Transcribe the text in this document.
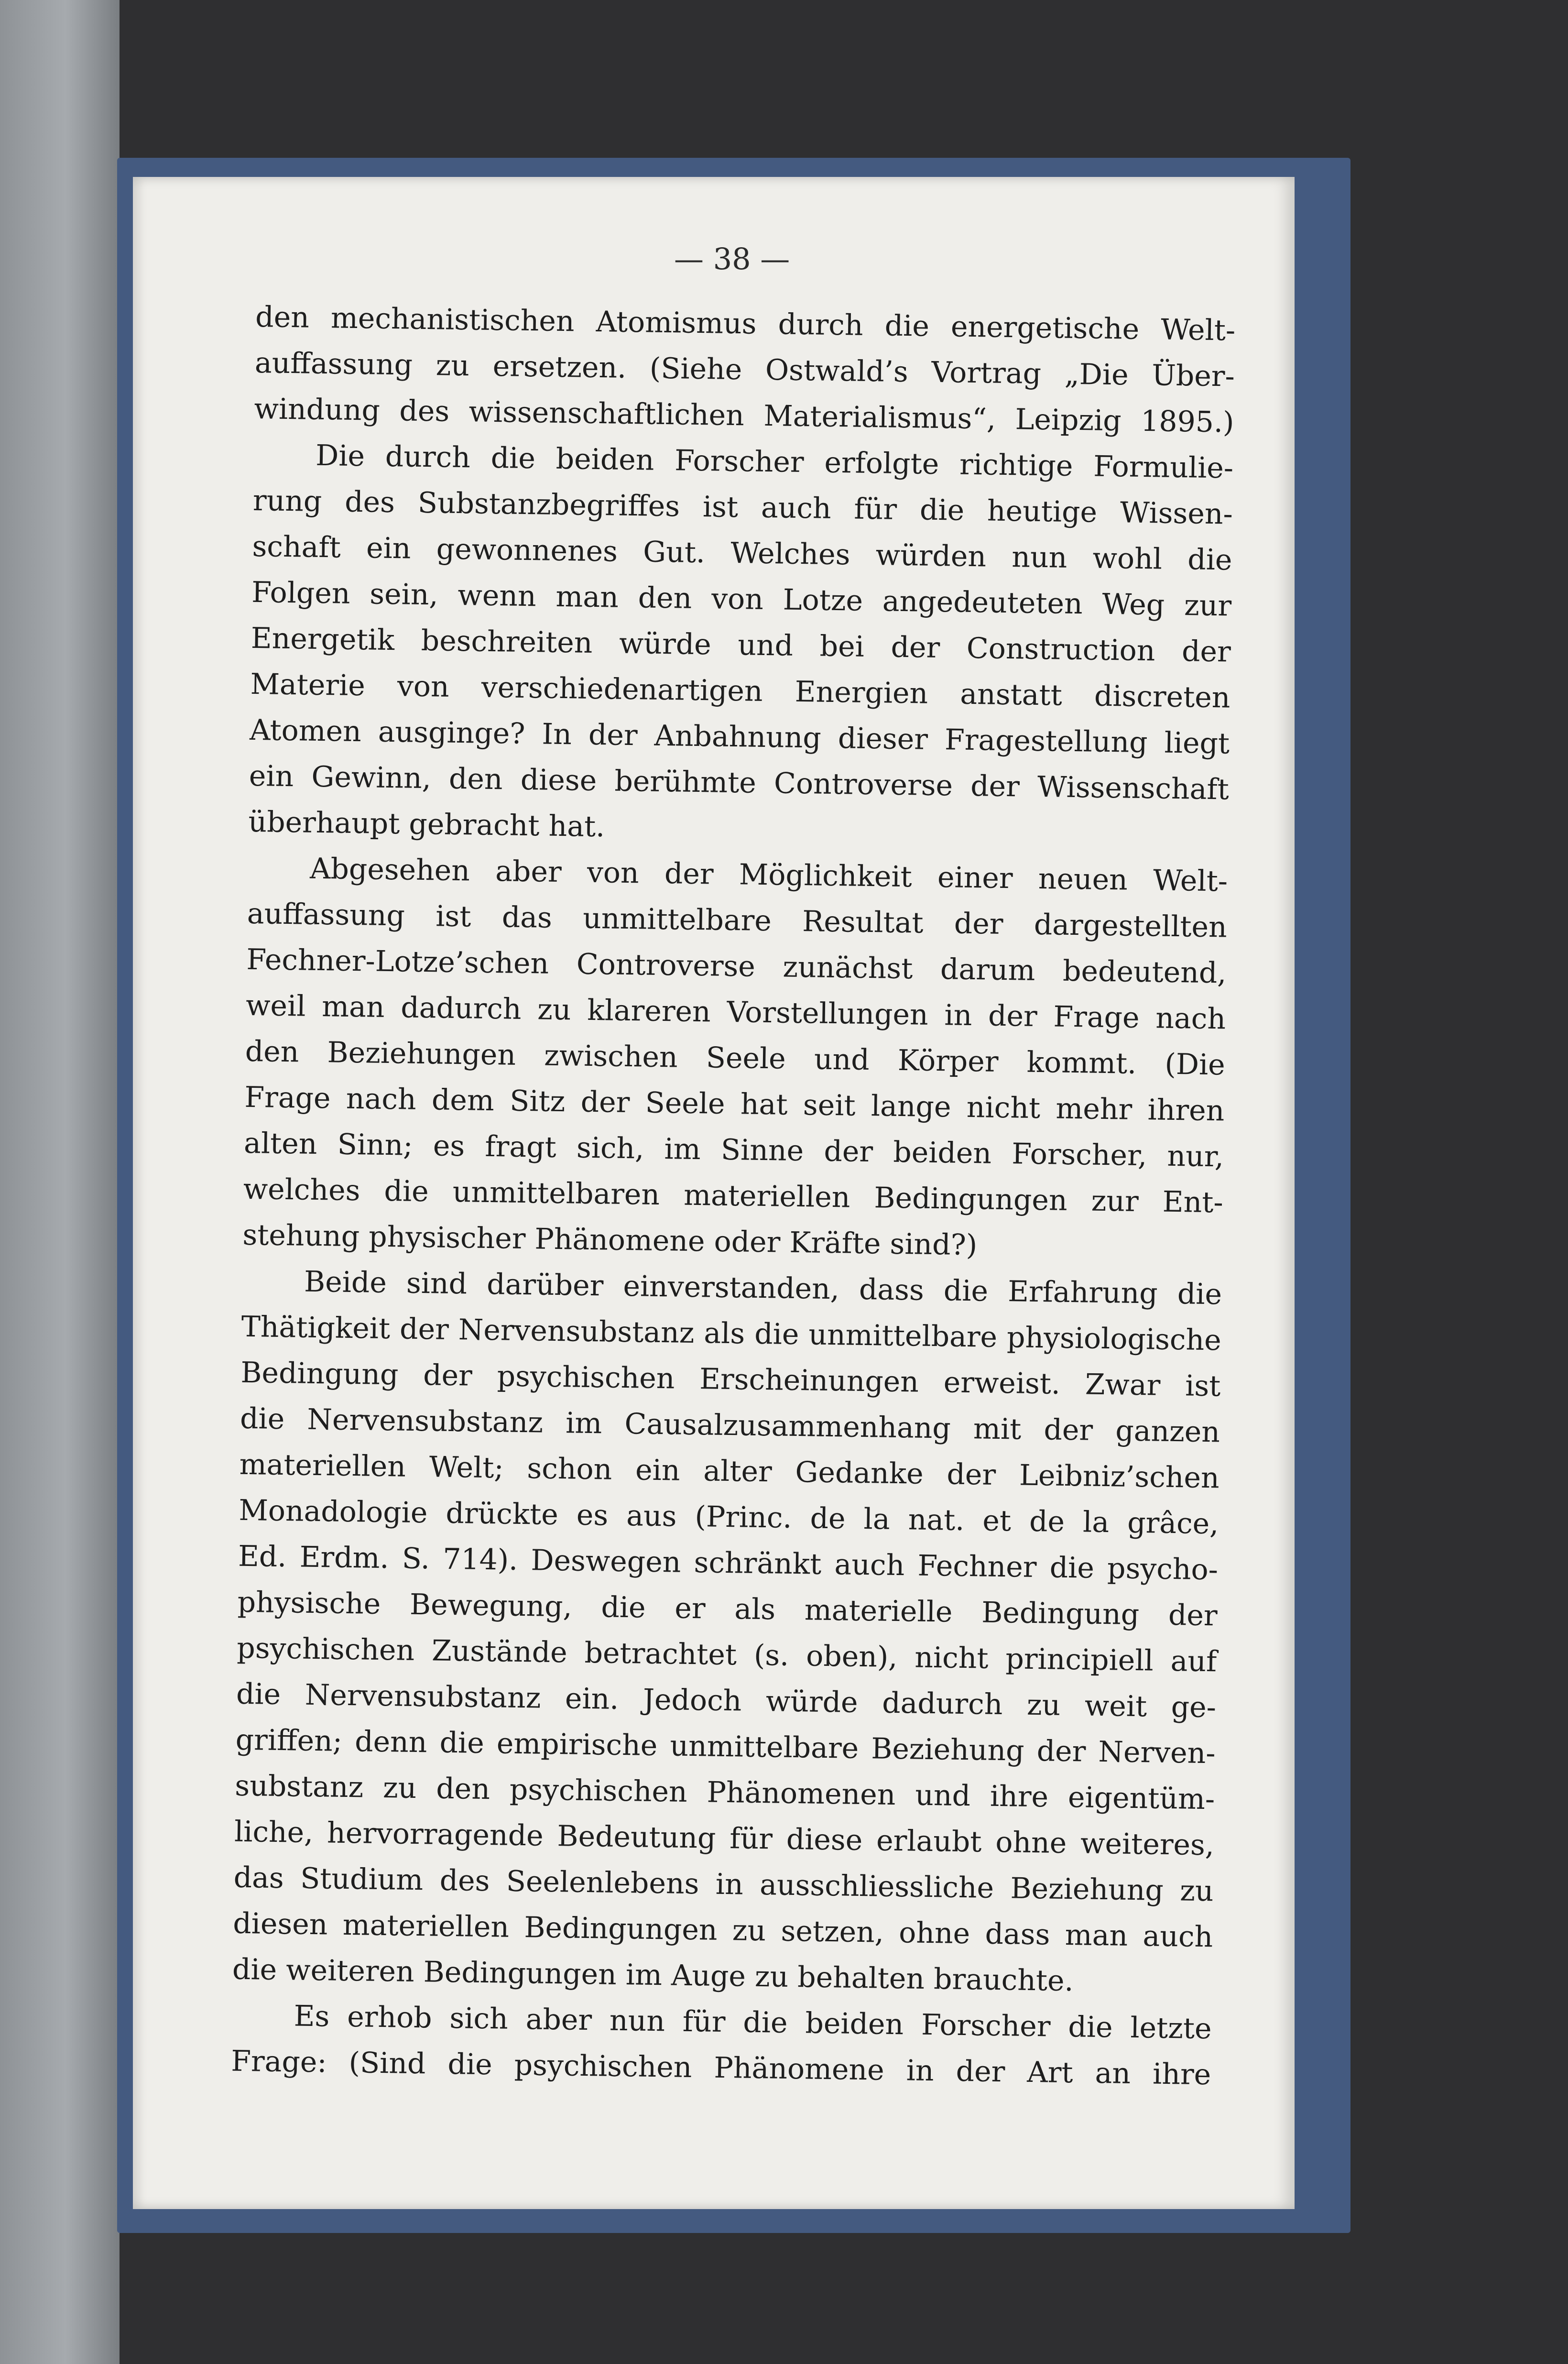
— 38 —
den mechanistischen Atomismus durch die energetische Welt-
auffassung zu ersetzen. (Siehe Ostwald’s Vortrag „Die Über-
windung des wissenschaftlichen Materialismus“, Leipzig 1895.)
Die durch die beiden Forscher erfolgte richtige Formulie-
rung des Substanzbegriffes ist auch für die heutige Wissen-
schaft ein gewonnenes Gut. Welches würden nun wohl die
Folgen sein, wenn man den von Lotze angedeuteten Weg zur
Energetik beschreiten würde und bei der Construction der
Materie von verschiedenartigen Energien anstatt discreten
Atomen ausginge? In der Anbahnung dieser Fragestellung liegt
ein Gewinn, den diese berühmte Controverse der Wissenschaft
überhaupt gebracht hat.
Abgesehen aber von der Möglichkeit einer neuen Welt-
auffassung ist das unmittelbare Resultat der dargestellten
Fechner-Lotze’schen Controverse zunächst darum bedeutend,
weil man dadurch zu klareren Vorstellungen in der Frage nach
den Beziehungen zwischen Seele und Körper kommt. (Die
Frage nach dem Sitz der Seele hat seit lange nicht mehr ihren
alten Sinn; es fragt sich, im Sinne der beiden Forscher, nur,
welches die unmittelbaren materiellen Bedingungen zur Ent-
stehung physischer Phänomene oder Kräfte sind?)
Beide sind darüber einverstanden, dass die Erfahrung die
Thätigkeit der Nervensubstanz als die unmittelbare physiologische
Bedingung der psychischen Erscheinungen erweist. Zwar ist
die Nervensubstanz im Causalzusammenhang mit der ganzen
materiellen Welt; schon ein alter Gedanke der Leibniz’schen
Monadologie drückte es aus (Princ. de la nat. et de la grâce,
Ed. Erdm. S. 714). Deswegen schränkt auch Fechner die psycho-
physische Bewegung, die er als materielle Bedingung der
psychischen Zustände betrachtet (s. oben), nicht principiell auf
die Nervensubstanz ein. Jedoch würde dadurch zu weit ge-
griffen; denn die empirische unmittelbare Beziehung der Nerven-
substanz zu den psychischen Phänomenen und ihre eigentüm-
liche, hervorragende Bedeutung für diese erlaubt ohne weiteres,
das Studium des Seelenlebens in ausschliessliche Beziehung zu
diesen materiellen Bedingungen zu setzen, ohne dass man auch
die weiteren Bedingungen im Auge zu behalten brauchte.
Es erhob sich aber nun für die beiden Forscher die letzte
Frage: (Sind die psychischen Phänomene in der Art an ihre
